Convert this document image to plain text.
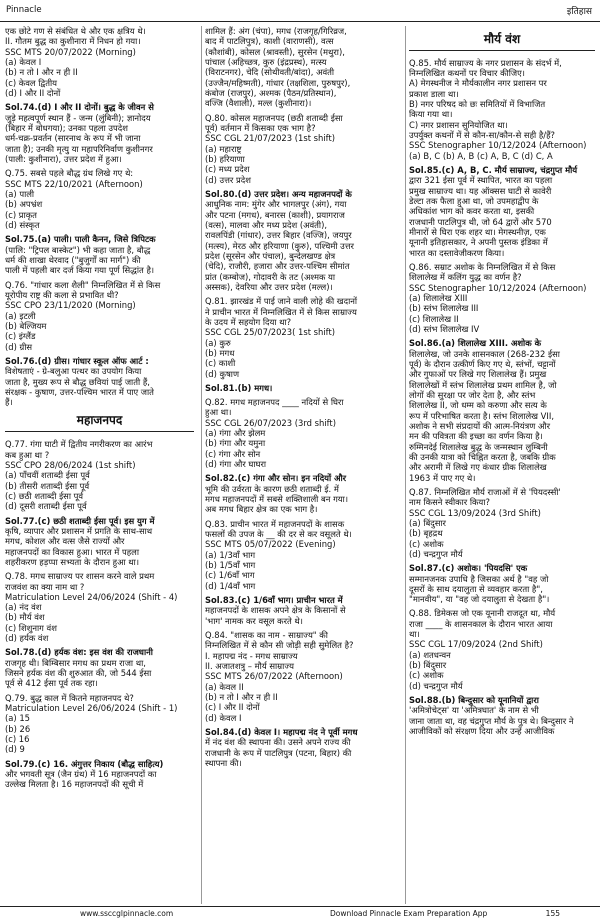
Pinnacle	इतिहास
एक छोटे गण से संबंधित थे और एक क्षत्रिय थे।
II. गौतम बुद्ध का कुशीनारा में निधन हो गया।
SSC MTS 20/07/2022 (Morning)
(a) केवल I
(b) न तो I और न ही II
(c) केवल द्वितीय
(d) I और II दोनों
Sol.74.(d) I और II दोनों। बुद्ध के जीवन से
जुड़े महत्वपूर्ण स्थान हैं - जन्म (लुंबिनी); ज्ञानोदय
(बिहार में बोधगया); उनका पहला उपदेश
धर्म-चक्र-प्रवर्तन (सारनाथ के रूप में भी जाना
जाता है); उनकी मृत्यु या महापरिनिर्वाण कुशीनगर
(पाली: कुशीनारा), उत्तर प्रदेश में हुआ।
Q.75. सबसे पहले बौद्ध ग्रंथ लिखे गए थे:
SSC MTS 22/10/2021 (Afternoon)
(a) पाली
(b) अपभ्रंश
(c) प्राकृत
(d) संस्कृत
Sol.75.(a) पाली। पाली कैनन, जिसे त्रिपिटक
(पालि: "ट्रिपल बास्केट") भी कहा जाता है, बौद्ध
धर्म की शाखा थेरवाद ("बुजुर्गों का मार्ग") की
पाली में पहली बार दर्ज किया गया पूर्ण सिद्धांत है।
Q.76. "गांधार कला शैली" निम्नलिखित में से किस
यूरोपीय राष्ट्र की कला से प्रभावित थी?
SSC CPO 23/11/2020 (Morning)
(a) इटली
(b) बेल्जियम
(c) इंग्लैंड
(d) ग्रीस
Sol.76.(d) ग्रीस। गांधार स्कूल ऑफ आर्ट :
विशेषताएं - ग्रे-बलुआ पत्थर का उपयोग किया
जाता है, मुख्य रूप से बौद्ध छवियां पाई जाती हैं,
संरक्षक - कुषाण, उत्तर-पश्चिम भारत में पाए जाते
हैं।
महाजनपद
Q.77. गंगा घाटी में द्वितीय नगरीकरण का आरंभ
कब हुआ था ?
SSC CPO 28/06/2024 (1st shift)
(a) पाँचवीं शताब्दी ईसा पूर्व
(b) तीसरी शताब्दी ईसा पूर्व
(c) छठी शताब्दी ईसा पूर्व
(d) दूसरी शताब्दी ईसा पूर्व
Sol.77.(c) छठी शताब्दी ईसा पूर्व। इस युग में
कृषि, व्यापार और प्रशासन में प्रगति के साथ-साथ
मगध, कोशल और वत्स जैसे राज्यों और
महाजनपदों का विकास हुआ। भारत में पहला
शहरीकरण हड़प्पा सभ्यता के दौरान हुआ था।
Q.78. मगध साम्राज्य पर शासन करने वाले प्रथम
राजवंश का क्या नाम था ?
Matriculation Level 24/06/2024 (Shift - 4)
(a) नंद वंश
(b) मौर्य वंश
(c) शिशुनाग वंश
(d) हर्यक वंश
Sol.78.(d) हर्यक वंश: इस वंश की राजधानी
राजगृह थी। बिम्बिसार मगध का प्रथम राजा था,
जिसने हर्यक वंश की शुरुआत की, जो 544 ईसा
पूर्व से 412 ईसा पूर्व तक रहा।
Q.79. बुद्ध काल में कितने महाजनपद थे?
Matriculation Level 26/06/2024 (Shift - 1)
(a) 15
(b) 26
(c) 16
(d) 9
Sol.79.(c) 16. अंगुत्तर निकाय (बौद्ध साहित्य)
और भगवती सूत्र (जैन ग्रंथ) में 16 महाजनपदों का
उल्लेख मिलता है। 16 महाजनपदों की सूची में
शामिल हैं: अंग (चंपा), मगध (राजगृह/गिरिव्रज,
बाद में पाटलिपुत्र), काशी (वाराणसी), वत्स
(कौशांबी), कोसल (श्रावस्ती), सुरसेन (मथुरा),
पांचाल (अहिच्छत्र, कुरु (इंद्रप्रस्थ), मत्स्य
(विराटनगर), चेदि (सोथीवती/बांदा), अवंती
(उज्जैन/महिष्मती), गांधार (तक्षशिला, पुरुषपुर),
कंबोज (राजपुर), अश्मक (पैठन/प्रतिस्थान),
वज्जि (वैशाली), मल्ल (कुशीनारा)।
Q.80. कोसल महाजनपद (छठी शताब्दी ईसा
पूर्व) वर्तमान में किसका एक भाग है?
SSC CGL 21/07/2023 (1st shift)
(a) महाराष्ट्र
(b) हरियाणा
(c) मध्य प्रदेश
(d) उत्तर प्रदेश
Sol.80.(d) उत्तर प्रदेश। अन्य महाजनपदों के
आधुनिक नाम: मुंगेर और भागलपुर (अंग), गया
और पटना (मगध), बनारस (काशी), प्रयागराज
(वत्स), मालवा और मध्य प्रदेश (अवंती),
रावलपिंडी (गांधार), उत्तर बिहार (वज्जि), जयपुर
(मत्स्य), मेरठ और हरियाणा (कुरु), पश्चिमी उत्तर
प्रदेश (सूरसेन और पंचाल), बुन्देलखण्ड क्षेत्र
(चेदि), राजौरी, हजारा और उत्तर-पश्चिम सीमांत
प्रांत (कम्बोज), गोदावरी के तट (अश्मक या
अस्सक), देवरिया और उत्तर प्रदेश (मल्ल)।
Q.81. झारखंड में पाई जाने वाली लोहे की खदानों
ने प्राचीन भारत में निम्नलिखित में से किस साम्राज्य
के उदय में सहयोग दिया था?
SSC CGL 25/07/2023( 1st shift)
(a) कुरु
(b) मगध
(c) काशी
(d) कुषाण
Sol.81.(b) मगध।
Q.82. मगध महाजनपद ____ नदियों से घिरा
हुआ था।
SSC CGL 26/07/2023 (3rd shift)
(a) गंगा और झेलम
(b) गंगा और यमुना
(c) गंगा और सोन
(d) गंगा और घाघरा
Sol.82.(c) गंगा और सोन। इन नदियों और
भूमि की उर्वरता के कारण छठी शताब्दी ई. में
मगध महाजनपदों में सबसे शक्तिशाली बन गया।
अब मगध बिहार क्षेत्र का एक भाग है।
Q.83. प्राचीन भारत में महाजनपदों के शासक
फसलों की उपज के __ की दर से कर वसूलते थे।
SSC MTS 05/07/2022 (Evening)
(a) 1/3वाँ भाग
(b) 1/5वाँ भाग
(c) 1/6वाँ भाग
(d) 1/4वाँ भाग
Sol.83.(c) 1/6वाँ भाग। प्राचीन भारत में
महाजनपदों के शासक अपने क्षेत्र के किसानों से
'भाग' नामक कर वसूल करते थे।
Q.84. "शासक का नाम - साम्राज्य" की
निम्नलिखित में से कौन सी जोड़ी सही सुमेलित है?
I. महापद्म नंद - मगध साम्राज्य
II. अजातशत्रु – मौर्य साम्राज्य
SSC MTS 26/07/2022 (Afternoon)
(a) केवल II
(b) न तो I और न ही II
(c) I और II दोनों
(d) केवल I
Sol.84.(d) केवल I। महापद्म नंद ने पूर्वी मगध
में नंद वंश की स्थापना की। उसने अपने राज्य की
राजधानी के रूप में पाटलिपुत्र (पटना, बिहार) की
स्थापना की।
मौर्य वंश
Q.85. मौर्य साम्राज्य के नगर प्रशासन के संदर्भ में,
निम्नलिखित कथनों पर विचार कीजिए।
A) मेगस्थनीज ने मौर्यकालीन नगर प्रशासन पर
प्रकाश डाला था।
B) नगर परिषद को छः समितियों में विभाजित
किया गया था।
C) नगर प्रशासन सुनियोजित था।
उपर्युक्त कथनों में से कौन-सा/कौन-से सही है/हैं?
SSC Stenographer 10/12/2024 (Afternoon)
(a) B, C (b) A, B (c) A, B, C (d) C, A
Sol.85.(c) A, B, C. मौर्य साम्राज्य, चंद्रगुप्त मौर्य
द्वारा 321 ईसा पूर्व में स्थापित, भारत का पहला
प्रमुख साम्राज्य था। यह ऑक्सस घाटी से कावेरी
डेल्टा तक फैला हुआ था, जो उपमहाद्वीप के
अधिकांश भाग को कवर करता था, इसकी
राजधानी पाटलिपुत्र थी, जो 64 द्वारों और 570
मीनारों से घिरा एक शहर था। मेगस्थनीज़, एक
यूनानी इतिहासकार, ने अपनी पुस्तक इंडिका में
भारत का दस्तावेजीकरण किया।
Q.86. सम्राट अशोक के निम्नलिखित में से किस
शिलालेख में कलिंग युद्ध का वर्णन है?
SSC Stenographer 10/12/2024 (Afternoon)
(a) शिलालेख XIII
(b) स्तंभ शिलालेख III
(c) शिलालेख II
(d) स्तंभ शिलालेख IV
Sol.86.(a) शिलालेख XIII. अशोक के
शिलालेख, जो उनके शासनकाल (268-232 ईसा
पूर्व) के दौरान उत्कीर्ण किए गए थे, स्तंभों, चट्टानों
और गुफाओं पर लिखे गए शिलालेख हैं। प्रमुख
शिलालेखों में स्तंभ शिलालेख प्रथम शामिल है, जो
लोगों की सुरक्षा पर जोर देता है, और स्तंभ
शिलालेख II, जो धम्म को करुणा और सत्य के
रूप में परिभाषित करता है। स्तंभ शिलालेख VII,
अशोक ने सभी संप्रदायों की आत्म-नियंत्रण और
मन की पवित्रता की इच्छा का वर्णन किया है।
रुम्मिनदेई शिलालेख बुद्ध के जन्मस्थान लुम्बिनी
की उनकी यात्रा को चिह्नित करता है, जबकि ग्रीक
और अरामी में लिखे गए कंधार ग्रीक शिलालेख
1963 में पाए गए थे।
Q.87. निम्नलिखित मौर्य राजाओं में से 'पियदस्सी'
नाम किसने स्वीकार किया?
SSC CGL 13/09/2024 (3rd Shift)
(a) बिंदुसार
(b) बृहद्रथ
(c) अशोक
(d) चन्द्रगुप्त मौर्य
Sol.87.(c) अशोक। 'पियदसि' एक
सम्मानजनक उपाधि है जिसका अर्थ है "वह जो
दूसरों के साथ दयालुता से व्यवहार करता है",
"मानवीय", या "वह जो दयालुता से देखता है"।
Q.88. डिमेकस जो एक यूनानी राजदूत था, मौर्य
राजा ____ के शासनकाल के दौरान भारत आया
था।
SSC CGL 17/09/2024 (2nd Shift)
(a) शतधन्वन
(b) बिंदुसार
(c) अशोक
(d) चन्द्रगुप्त मौर्य
Sol.88.(b) बिन्दुसार को यूनानियों द्वारा
'अमित्रोचेट्स' या 'अमित्रघात' के नाम से भी
जाना जाता था, वह चंद्रगुप्त मौर्य के पुत्र थे। बिन्दुसार ने
आजीविकों को संरक्षण दिया और उन्हें आजीविक
www.ssccglpinnacle.com	Download Pinnacle Exam Preparation App	155
